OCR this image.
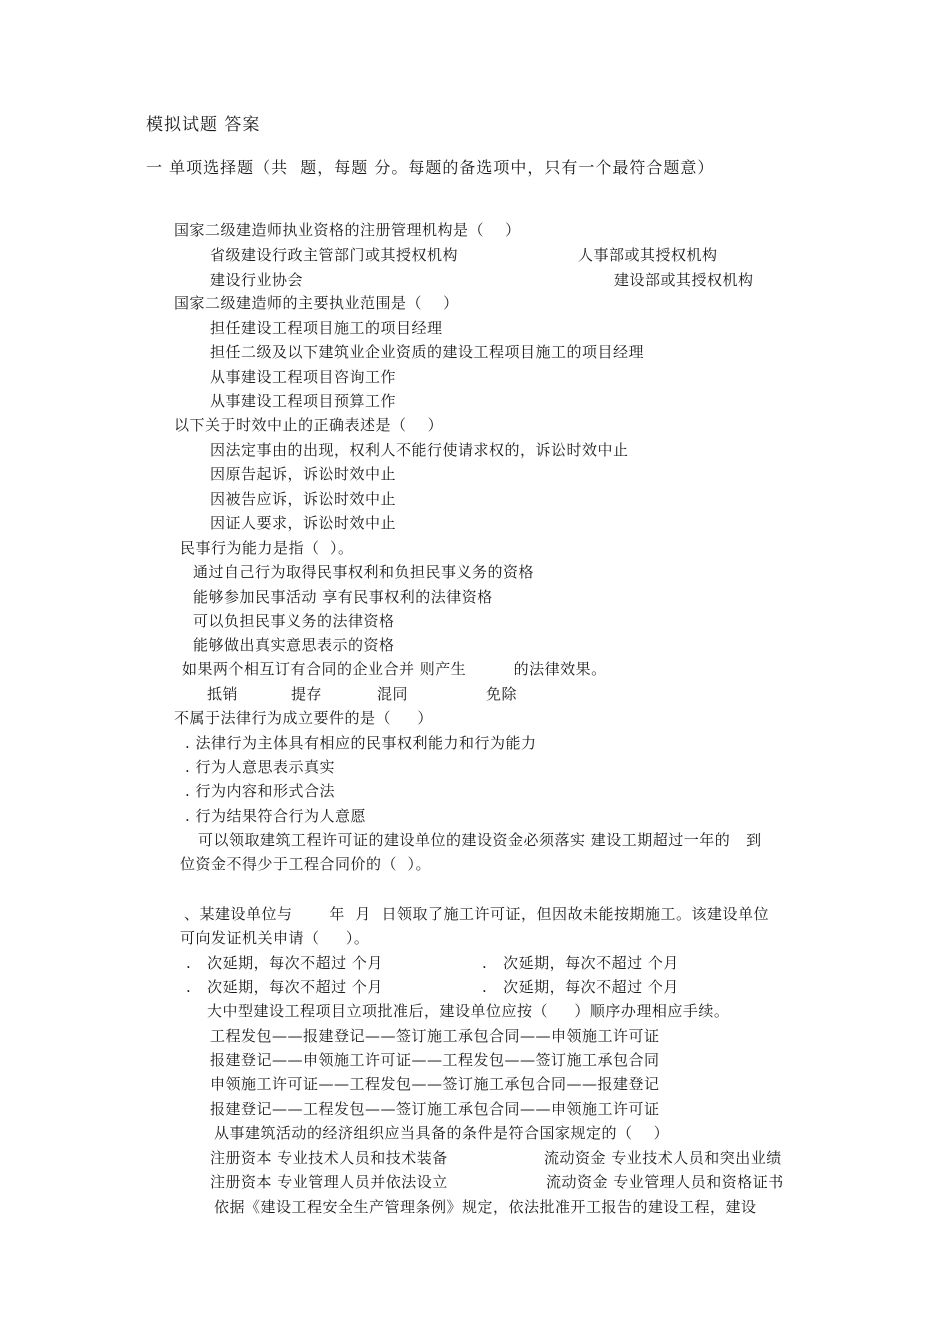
模拟试题 答案
一 单项选择题（共  题，每题 分。每题的备选项中，只有一个最符合题意）
国家二级建造师执业资格的注册管理机构是（    ）
省级建设行政主管部门或其授权机构	人事部或其授权机构
建设行业协会	建设部或其授权机构
国家二级建造师的主要执业范围是（    ）
担任建设工程项目施工的项目经理
担任二级及以下建筑业企业资质的建设工程项目施工的项目经理
从事建设工程项目咨询工作
从事建设工程项目预算工作
以下关于时效中止的正确表述是（    ）
因法定事由的出现，权利人不能行使请求权的，诉讼时效中止
因原告起诉，诉讼时效中止
因被告应诉，诉讼时效中止
因证人要求，诉讼时效中止
民事行为能力是指（  ）。
通过自己行为取得民事权利和负担民事义务的资格
能够参加民事活动 享有民事权利的法律资格
可以负担民事义务的法律资格
能够做出真实意思表示的资格
如果两个相互订有合同的企业合并 则产生         的法律效果。
抵销	提存	混同	免除
不属于法律行为成立要件的是（     ）
. 法律行为主体具有相应的民事权利能力和行为能力
. 行为人意思表示真实
. 行为内容和形式合法
. 行为结果符合行为人意愿
可以领取建筑工程许可证的建设单位的建设资金必须落实 建设工期超过一年的   到
位资金不得少于工程合同价的（  ）。
、某建设单位与       年  月  日领取了施工许可证，但因故未能按期施工。该建设单位
可向发证机关申请（     ）。
.   次延期，每次不超过 个月	.   次延期，每次不超过 个月
.   次延期，每次不超过 个月	.   次延期，每次不超过 个月
大中型建设工程项目立项批准后，建设单位应按（     ）顺序办理相应手续。
工程发包——报建登记——签订施工承包合同——申领施工许可证
报建登记——申领施工许可证——工程发包——签订施工承包合同
申领施工许可证——工程发包——签订施工承包合同——报建登记
报建登记——工程发包——签订施工承包合同——申领施工许可证
从事建筑活动的经济组织应当具备的条件是符合国家规定的（    ）
注册资本 专业技术人员和技术装备	流动资金 专业技术人员和突出业绩
注册资本 专业管理人员并依法设立	流动资金 专业管理人员和资格证书
依据《建设工程安全生产管理条例》规定，依法批准开工报告的建设工程，建设
